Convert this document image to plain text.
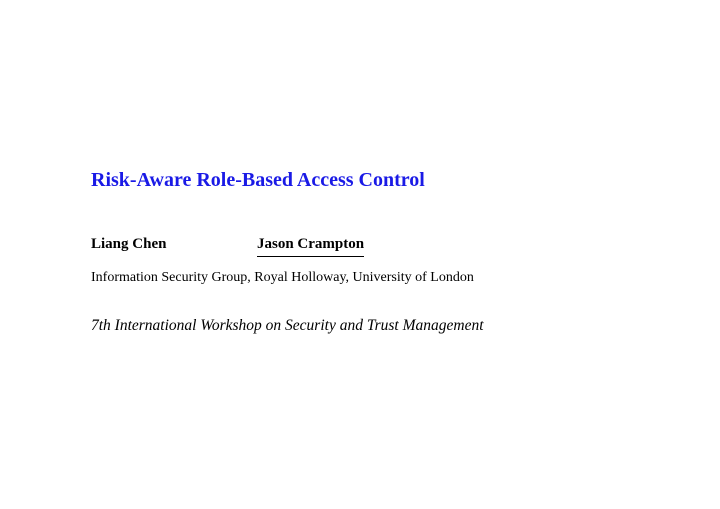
Risk-Aware Role-Based Access Control
Liang Chen	Jason Crampton
Information Security Group, Royal Holloway, University of London
7th International Workshop on Security and Trust Management
